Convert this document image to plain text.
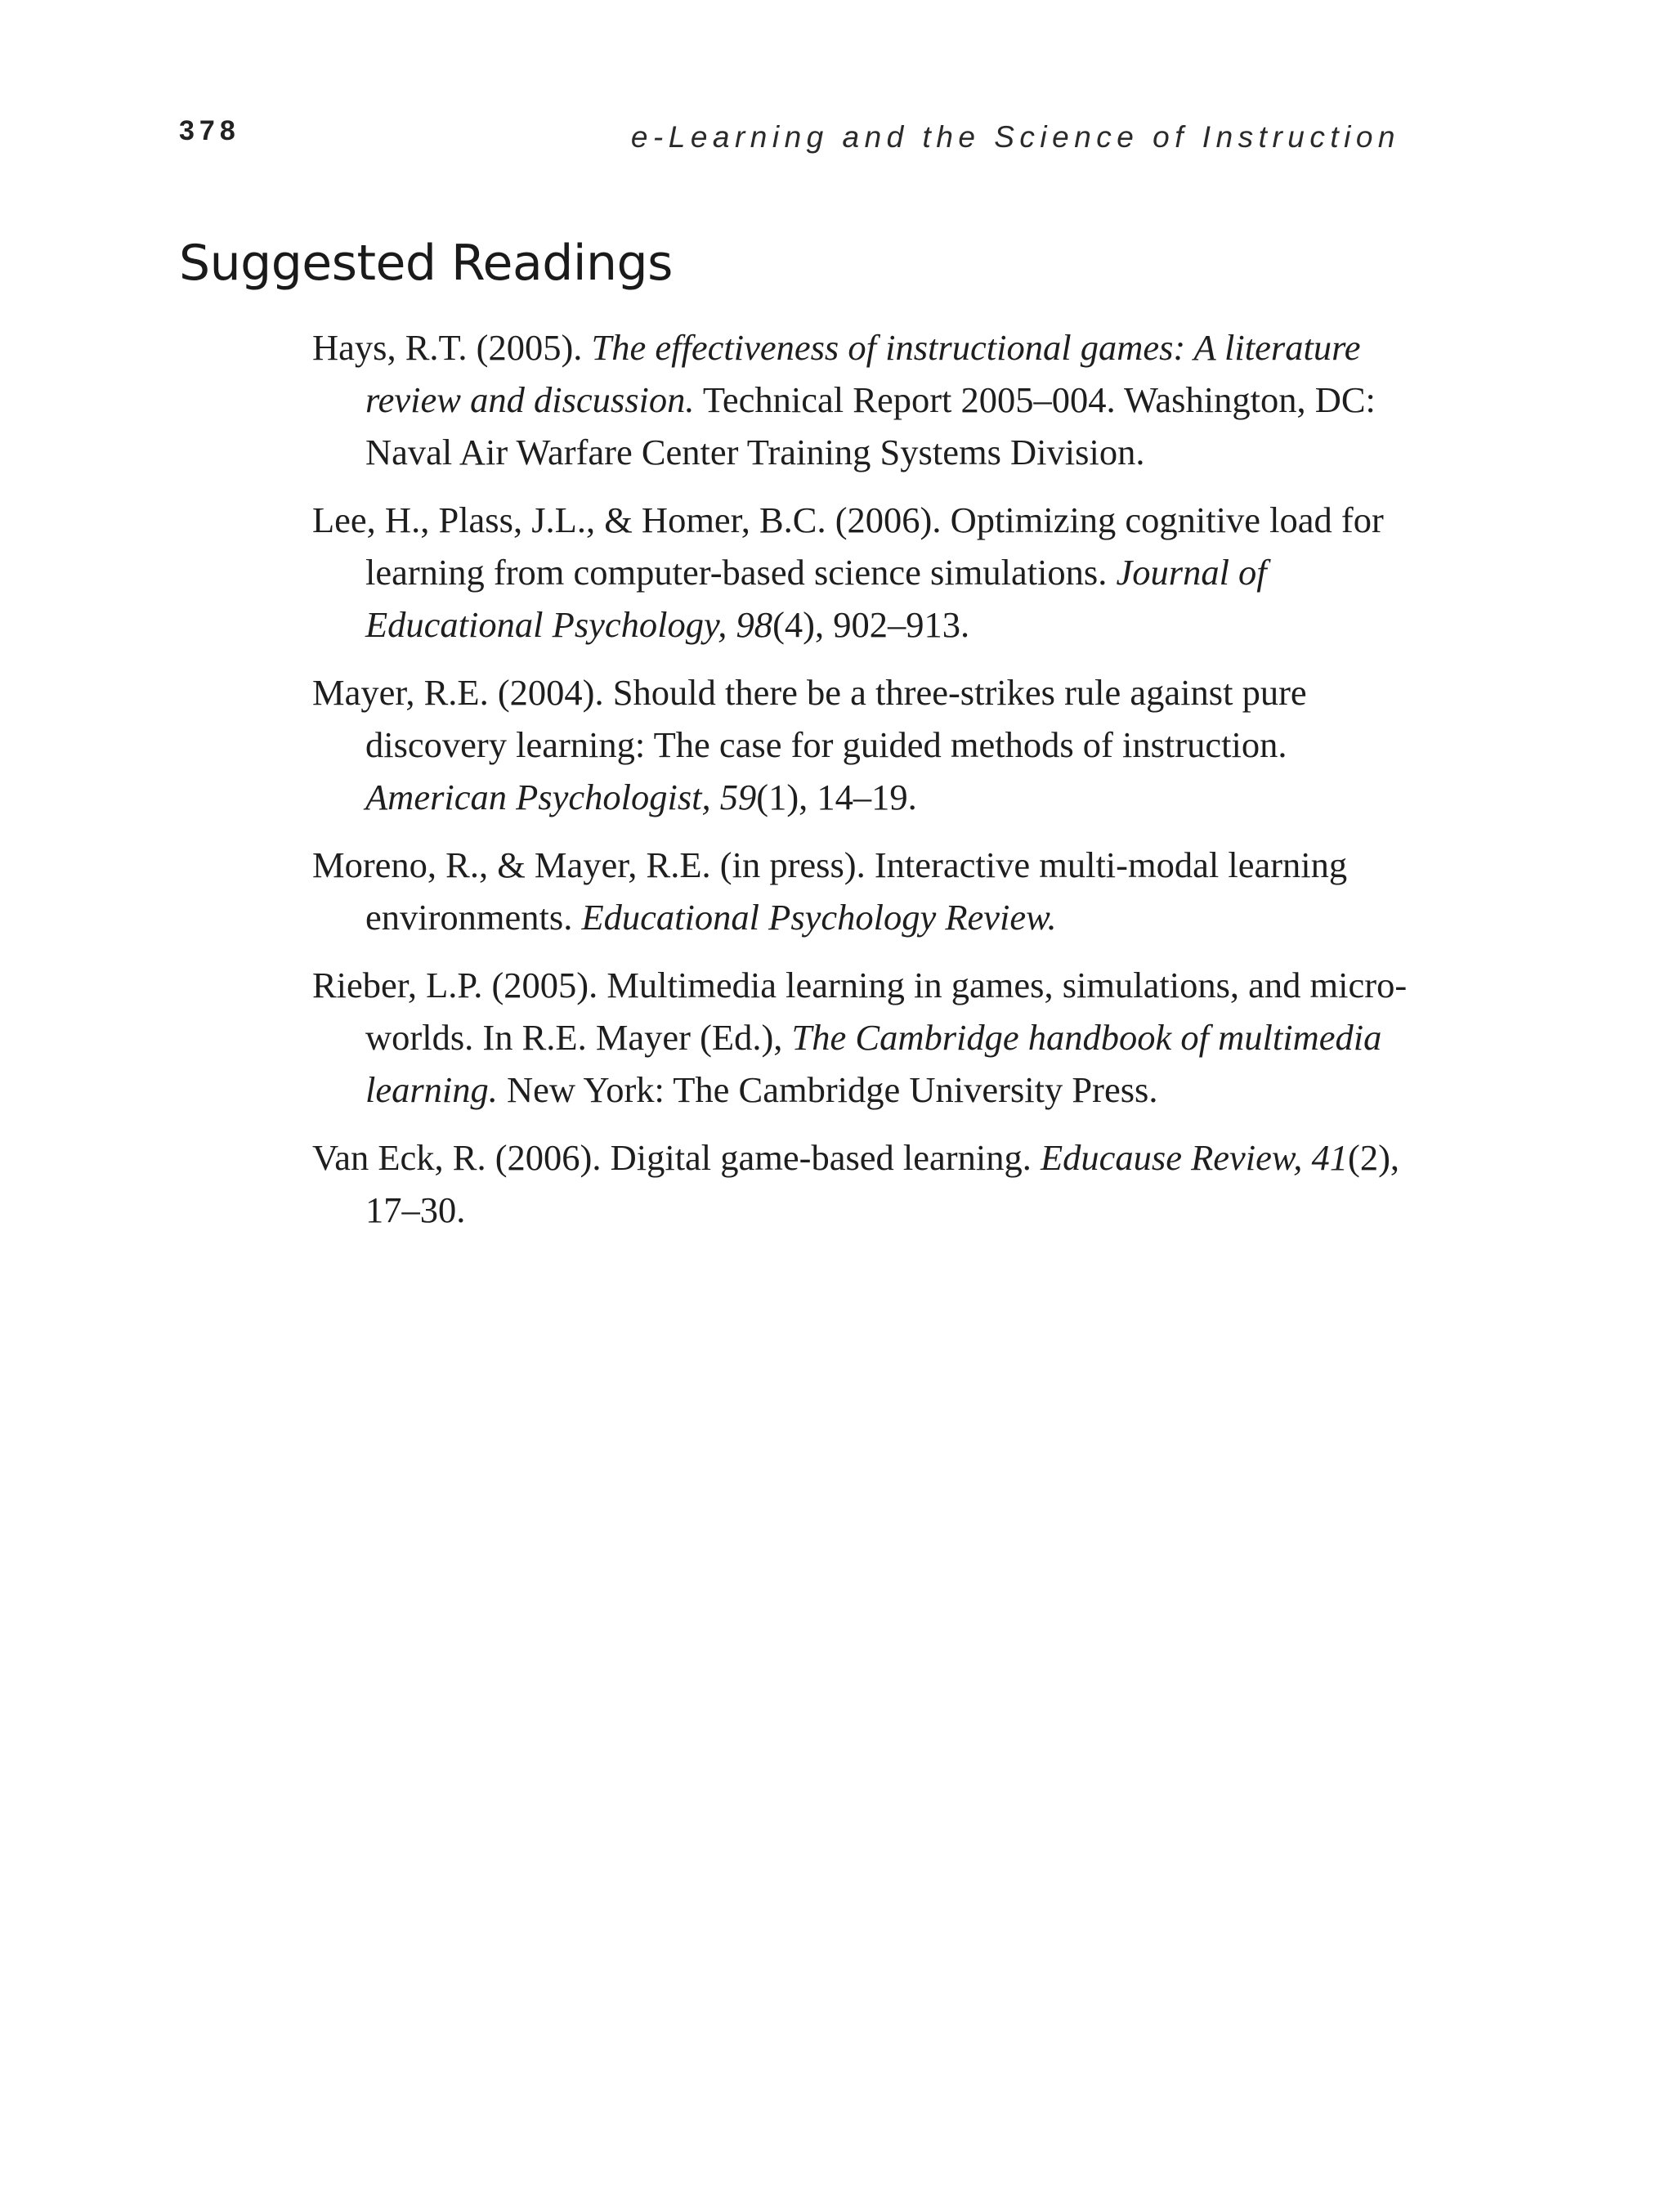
378	e-Learning and the Science of Instruction
Suggested Readings
Hays, R.T. (2005). The effectiveness of instructional games: A literature review and discussion. Technical Report 2005–004. Washington, DC: Naval Air Warfare Center Training Systems Division.
Lee, H., Plass, J.L., & Homer, B.C. (2006). Optimizing cognitive load for learning from computer-based science simulations. Journal of Educational Psychology, 98(4), 902–913.
Mayer, R.E. (2004). Should there be a three-strikes rule against pure discovery learning: The case for guided methods of instruction. American Psychologist, 59(1), 14–19.
Moreno, R., & Mayer, R.E. (in press). Interactive multi-modal learning environments. Educational Psychology Review.
Rieber, L.P. (2005). Multimedia learning in games, simulations, and micro-worlds. In R.E. Mayer (Ed.), The Cambridge handbook of multimedia learning. New York: The Cambridge University Press.
Van Eck, R. (2006). Digital game-based learning. Educause Review, 41(2), 17–30.
